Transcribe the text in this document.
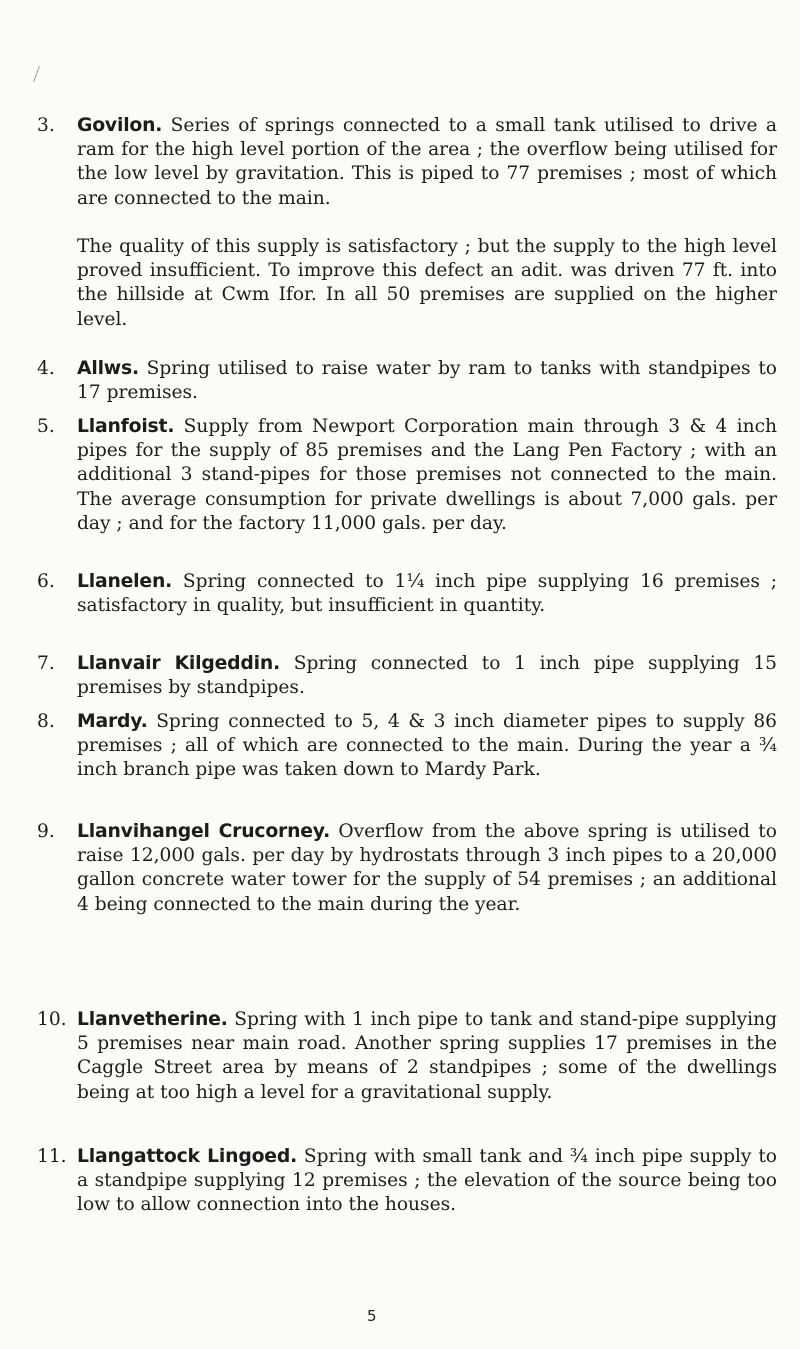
3.	Govilon. Series of springs connected to a small tank utilised to drive a ram for the high level portion of the area ; the overflow being utilised for the low level by gravitation. This is piped to 77 premises ; most of which are connected to the main.
The quality of this supply is satisfactory ; but the supply to the high level proved insufficient. To improve this defect an adit. was driven 77 ft. into the hillside at Cwm Ifor. In all 50 premises are supplied on the higher level.
4.	Allws. Spring utilised to raise water by ram to tanks with standpipes to 17 premises.
5.	Llanfoist. Supply from Newport Corporation main through 3 & 4 inch pipes for the supply of 85 premises and the Lang Pen Factory ; with an additional 3 stand-pipes for those premises not connected to the main. The average consumption for private dwellings is about 7,000 gals. per day ; and for the factory 11,000 gals. per day.
6.	Llanelen. Spring connected to 1¼ inch pipe supplying 16 premises ; satisfactory in quality, but insufficient in quantity.
7.	Llanvair Kilgeddin. Spring connected to 1 inch pipe supplying 15 premises by standpipes.
8.	Mardy. Spring connected to 5, 4 & 3 inch diameter pipes to supply 86 premises ; all of which are connected to the main. During the year a ¾ inch branch pipe was taken down to Mardy Park.
9.	Llanvihangel Crucorney. Overflow from the above spring is utilised to raise 12,000 gals. per day by hydrostats through 3 inch pipes to a 20,000 gallon concrete water tower for the supply of 54 premises ; an additional 4 being connected to the main during the year.
10. Llanvetherine. Spring with 1 inch pipe to tank and stand-pipe supplying 5 premises near main road. Another spring supplies 17 premises in the Caggle Street area by means of 2 standpipes ; some of the dwellings being at too high a level for a gravitational supply.
11. Llangattock Lingoed. Spring with small tank and ¾ inch pipe supply to a standpipe supplying 12 premises ; the elevation of the source being too low to allow connection into the houses.
5
